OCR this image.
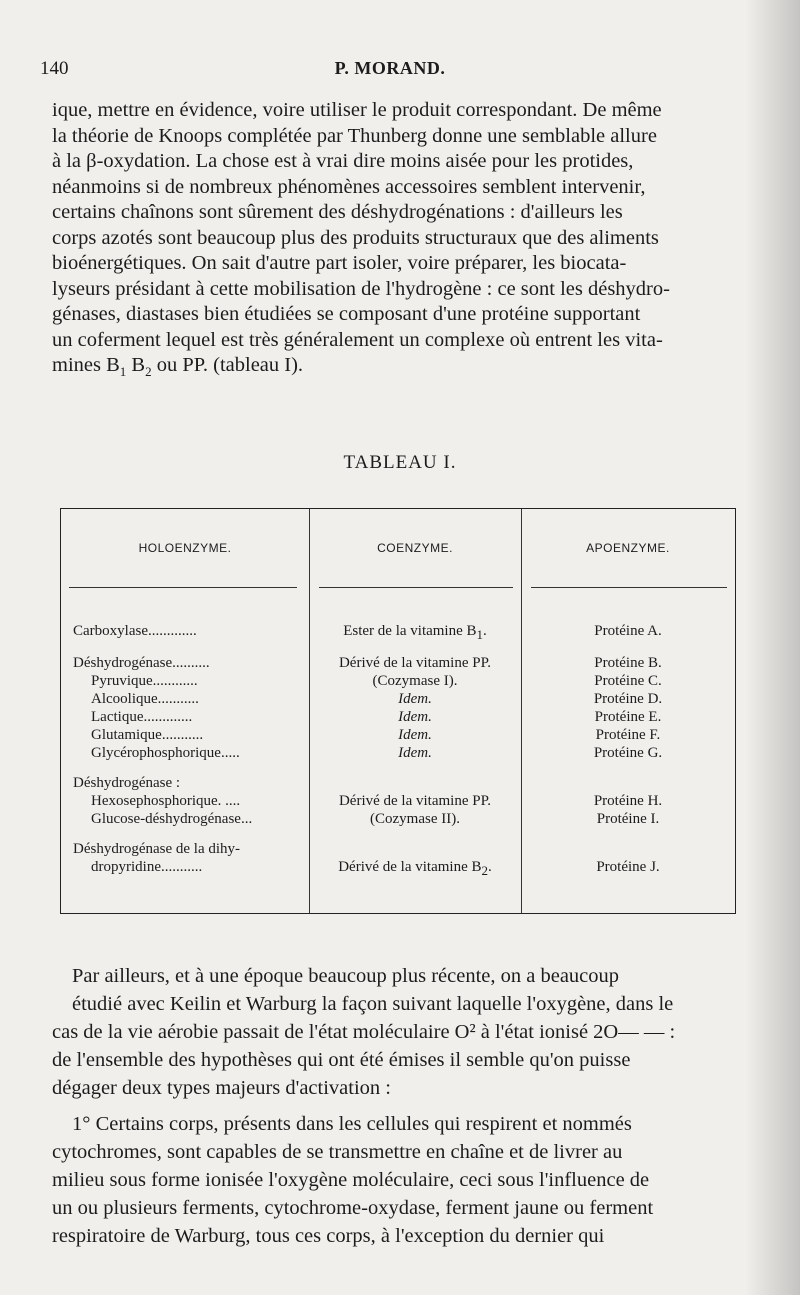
140	P. MORAND.
ique, mettre en évidence, voire utiliser le produit correspondant. De même
la théorie de Knoops complétée par Thunberg donne une semblable allure
à la β-oxydation. La chose est à vrai dire moins aisée pour les protides,
néanmoins si de nombreux phénomènes accessoires semblent intervenir,
certains chaînons sont sûrement des déshydrogénations : d'ailleurs les
corps azotés sont beaucoup plus des produits structuraux que des aliments
bioénergétiques. On sait d'autre part isoler, voire préparer, les biocata-
lyseurs présidant à cette mobilisation de l'hydrogène : ce sont les déshydro-
génases, diastases bien étudiées se composant d'une protéine supportant
un coferment lequel est très généralement un complexe où entrent les vita-
mines $B_1$ $B_2$ ou PP. (tableau I).
TABLEAU I.
HOLOENZYME.	COENZYME.	APOENZYME.
Carboxylase.............	Ester de la vitamine $B_1$.	Protéine A.
Déshydrogénase..........	Dérivé de la vitamine PP.	Protéine B.
Pyruvique............	(Cozymase I).	Protéine C.
Alcoolique...........	Idem.	Protéine D.
Lactique.............	Idem.	Protéine E.
Glutamique...........	Idem.	Protéine F.
Glycérophosphorique.....	Idem.	Protéine G.
Déshydrogénase :
Hexosephosphorique. ....	Dérivé de la vitamine PP.	Protéine H.
Glucose-déshydrogénase...	(Cozymase II).	Protéine I.
Déshydrogénase de la dihy-
dropyridine...........	Dérivé de la vitamine $B_2$.	Protéine J.
Par ailleurs, et à une époque beaucoup plus récente, on a beaucoup
étudié avec Keilin et Warburg la façon suivant laquelle l'oxygène, dans le
cas de la vie aérobie passait de l'état moléculaire O² à l'état ionisé 2O— — :
de l'ensemble des hypothèses qui ont été émises il semble qu'on puisse
dégager deux types majeurs d'activation :
1° Certains corps, présents dans les cellules qui respirent et nommés
cytochromes, sont capables de se transmettre en chaîne et de livrer au
milieu sous forme ionisée l'oxygène moléculaire, ceci sous l'influence de
un ou plusieurs ferments, cytochrome-oxydase, ferment jaune ou ferment
respiratoire de Warburg, tous ces corps, à l'exception du dernier qui
